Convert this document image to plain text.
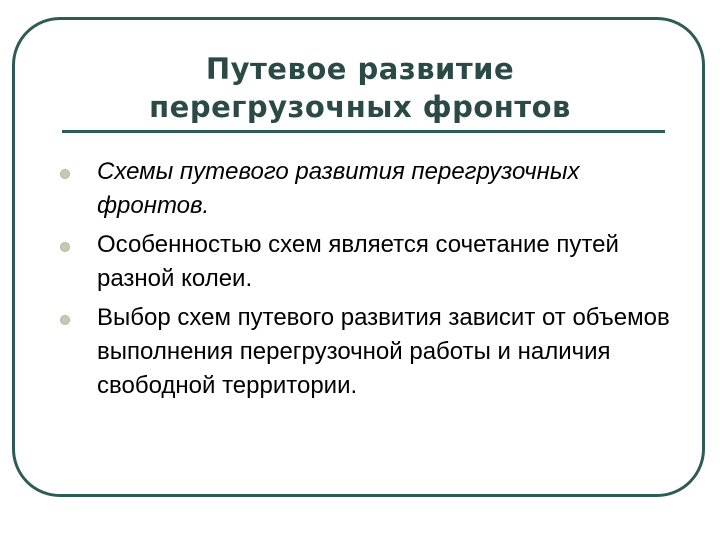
Путевое развитие
перегрузочных фронтов
Схемы путевого развития перегрузочных фронтов.
Особенностью схем является сочетание путей разной колеи.
Выбор схем путевого развития зависит от объемов выполнения перегрузочной работы и наличия свободной территории.
